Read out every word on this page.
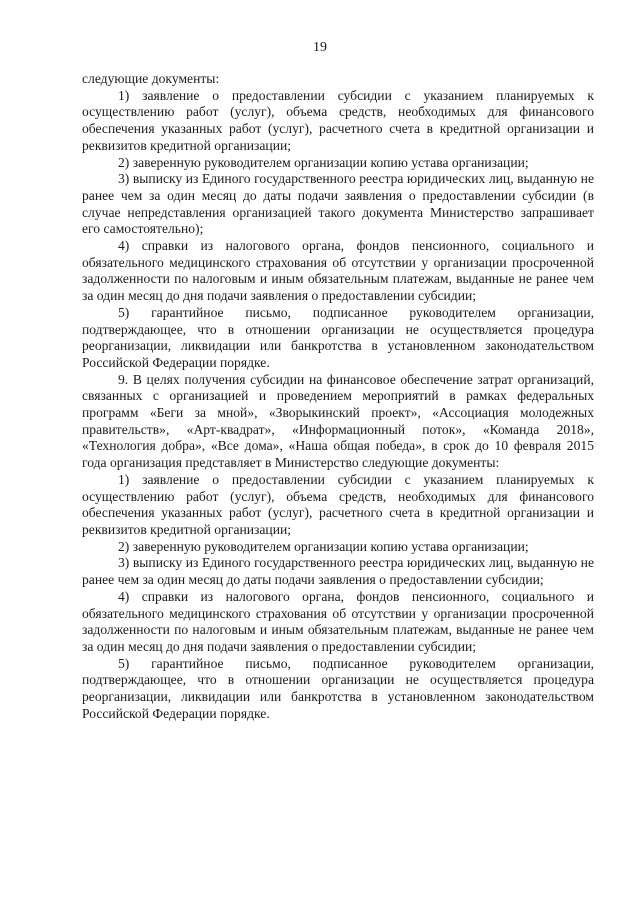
19

следующие документы:

1) заявление о предоставлении субсидии с указанием планируемых к осуществлению работ (услуг), объема средств, необходимых для финансового обеспечения указанных работ (услуг), расчетного счета в кредитной организации и реквизитов кредитной организации;

2) заверенную руководителем организации копию устава организации;

3) выписку из Единого государственного реестра юридических лиц, выданную не ранее чем за один месяц до даты подачи заявления о предоставлении субсидии (в случае непредставления организацией такого документа Министерство запрашивает его самостоятельно);

4) справки из налогового органа, фондов пенсионного, социального и обязательного медицинского страхования об отсутствии у организации просроченной задолженности по налоговым и иным обязательным платежам, выданные не ранее чем за один месяц до дня подачи заявления о предоставлении субсидии;

5) гарантийное письмо, подписанное руководителем организации, подтверждающее, что в отношении организации не осуществляется процедура реорганизации, ликвидации или банкротства в установленном законодательством Российской Федерации порядке.

9. В целях получения субсидии на финансовое обеспечение затрат организаций, связанных с организацией и проведением мероприятий в рамках федеральных программ «Беги за мной», «Зворыкинский проект», «Ассоциация молодежных правительств», «Арт-квадрат», «Информационный поток», «Команда 2018», «Технология добра», «Все дома», «Наша общая победа», в срок до 10 февраля 2015 года организация представляет в Министерство следующие документы:

1) заявление о предоставлении субсидии с указанием планируемых к осуществлению работ (услуг), объема средств, необходимых для финансового обеспечения указанных работ (услуг), расчетного счета в кредитной организации и реквизитов кредитной организации;

2) заверенную руководителем организации копию устава организации;

3) выписку из Единого государственного реестра юридических лиц, выданную не ранее чем за один месяц до даты подачи заявления о предоставлении субсидии;

4) справки из налогового органа, фондов пенсионного, социального и обязательного медицинского страхования об отсутствии у организации просроченной задолженности по налоговым и иным обязательным платежам, выданные не ранее чем за один месяц до дня подачи заявления о предоставлении субсидии;

5) гарантийное письмо, подписанное руководителем организации, подтверждающее, что в отношении организации не осуществляется процедура реорганизации, ликвидации или банкротства в установленном законодательством Российской Федерации порядке.
